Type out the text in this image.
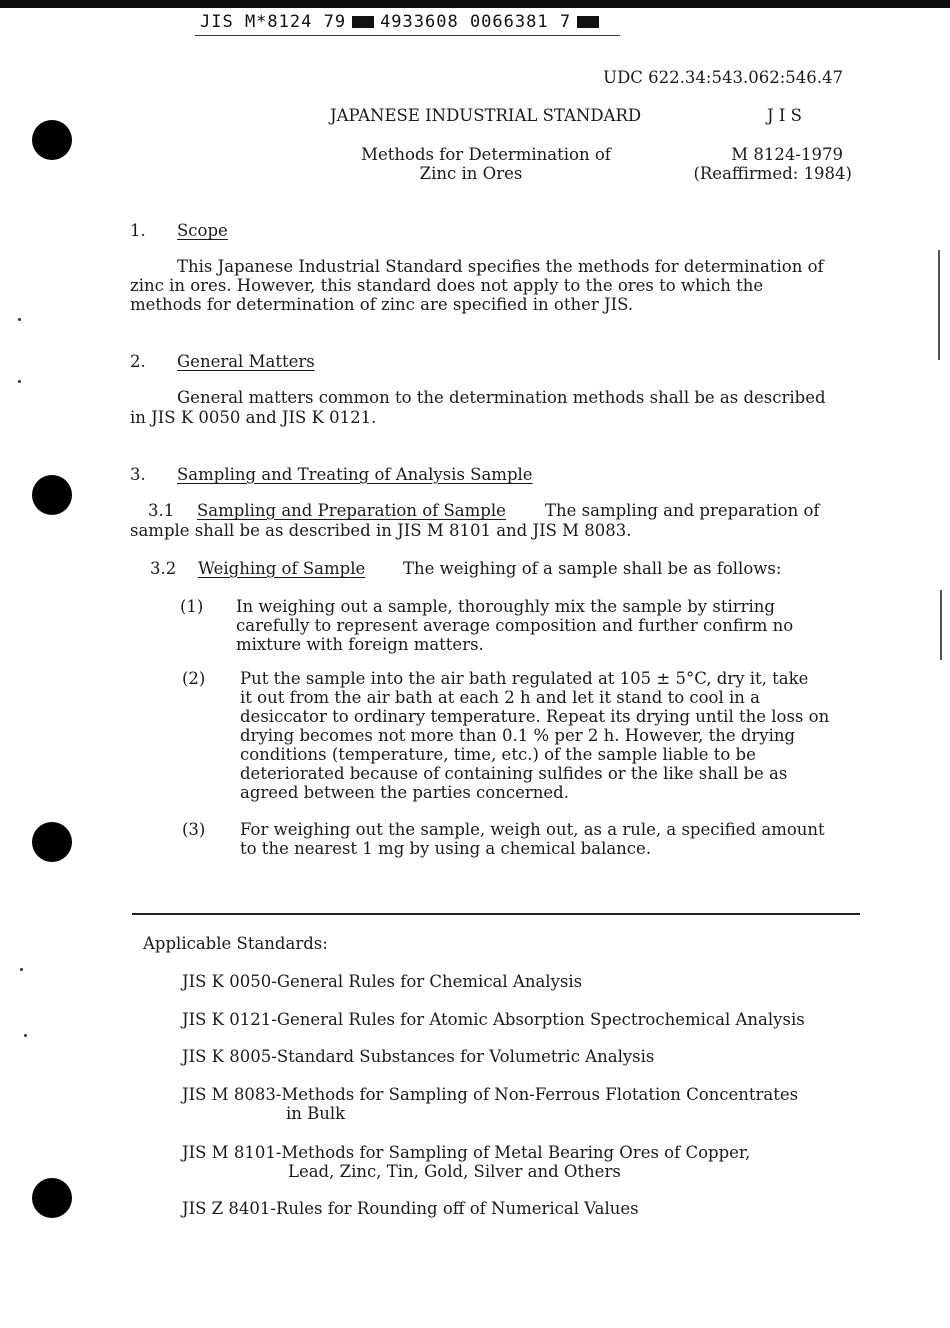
JIS M*8124 79 4933608 0066381 7
UDC 622.34:543.062:546.47
JAPANESE INDUSTRIAL STANDARD	J I S
Methods for Determination of
Zinc in Ores
M 8124-1979
(Reaffirmed: 1984)
1. Scope
This Japanese Industrial Standard specifies the methods for determination of
zinc in ores. However, this standard does not apply to the ores to which the
methods for determination of zinc are specified in other JIS.
2. General Matters
General matters common to the determination methods shall be as described
in JIS K 0050 and JIS K 0121.
3. Sampling and Treating of Analysis Sample
3.1 Sampling and Preparation of Sample The sampling and preparation of
sample shall be as described in JIS M 8101 and JIS M 8083.
3.2 Weighing of Sample The weighing of a sample shall be as follows:
(1) In weighing out a sample, thoroughly mix the sample by stirring
carefully to represent average composition and further confirm no
mixture with foreign matters.
(2) Put the sample into the air bath regulated at 105 ± 5°C, dry it, take
it out from the air bath at each 2 h and let it stand to cool in a
desiccator to ordinary temperature. Repeat its drying until the loss on
drying becomes not more than 0.1 % per 2 h. However, the drying
conditions (temperature, time, etc.) of the sample liable to be
deteriorated because of containing sulfides or the like shall be as
agreed between the parties concerned.
(3) For weighing out the sample, weigh out, as a rule, a specified amount
to the nearest 1 mg by using a chemical balance.
Applicable Standards:
JIS K 0050-General Rules for Chemical Analysis
JIS K 0121-General Rules for Atomic Absorption Spectrochemical Analysis
JIS K 8005-Standard Substances for Volumetric Analysis
JIS M 8083-Methods for Sampling of Non-Ferrous Flotation Concentrates
in Bulk
JIS M 8101-Methods for Sampling of Metal Bearing Ores of Copper,
Lead, Zinc, Tin, Gold, Silver and Others
JIS Z 8401-Rules for Rounding off of Numerical Values
